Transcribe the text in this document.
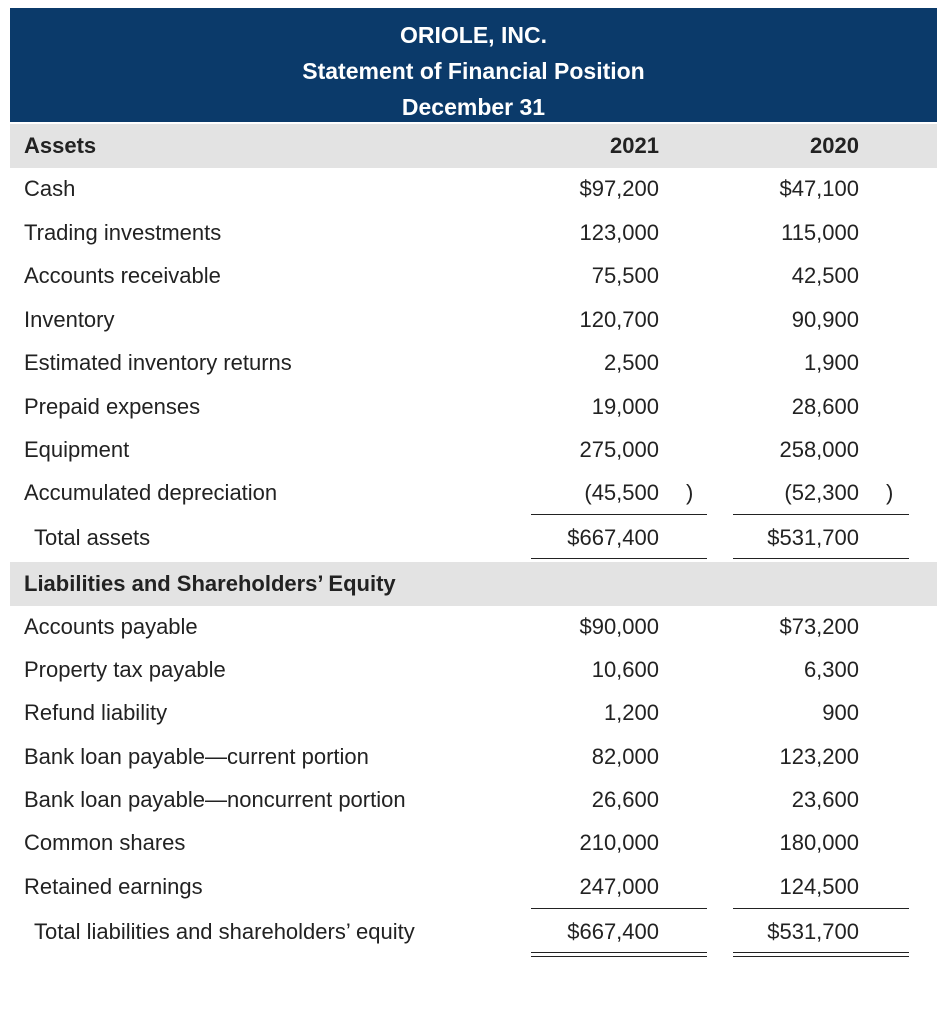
ORIOLE, INC.
Statement of Financial Position
December 31
Assets	2021	2020
Cash	$97,200	$47,100
Trading investments	123,000	115,000
Accounts receivable	75,500	42,500
Inventory	120,700	90,900
Estimated inventory returns	2,500	1,900
Prepaid expenses	19,000	28,600
Equipment	275,000	258,000
Accumulated depreciation	(45,500 )	(52,300 )
Total assets	$667,400	$531,700
Liabilities and Shareholders’ Equity
Accounts payable	$90,000	$73,200
Property tax payable	10,600	6,300
Refund liability	1,200	900
Bank loan payable—current portion	82,000	123,200
Bank loan payable—noncurrent portion	26,600	23,600
Common shares	210,000	180,000
Retained earnings	247,000	124,500
Total liabilities and shareholders’ equity	$667,400	$531,700
